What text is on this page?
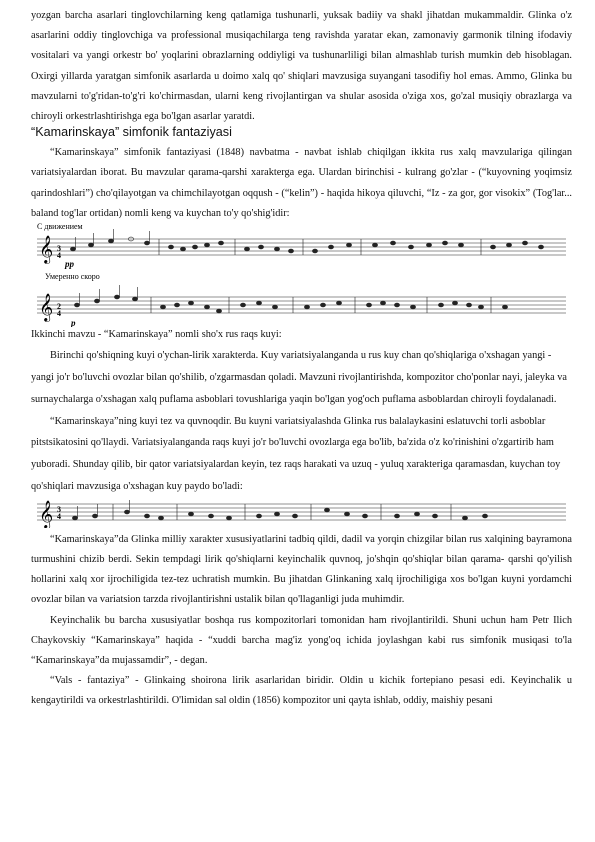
yozgan barcha asarlari tinglovchilarning keng qatlamiga tushunarli, yuksak badiiy va shakl jihatdan mukammaldir. Glinka o'z asarlarini oddiy tinglovchiga va professional musiqachilarga teng ravishda yaratar ekan, zamonaviy garmonik tilning ifodaviy vositalari va yangi orkestr bo' yoqlarini obrazlarning oddiyligi va tushunarliligi bilan almashlab turish mumkin deb hisoblagan. Oxirgi yillarda yaratgan simfonik asarlarda u doimo xalq qo' shiqlari mavzusiga suyangani tasodifiy hol emas. Ammo, Glinka bu mavzularni to'g'ridan-to'g'ri ko'chirmasdan, ularni keng rivojlantirgan va shular asosida o'ziga xos, go'zal musiqiy obrazlarga va chiroyli orkestrlashtirishga ega bo'lgan asarlar yaratdi.

“Kamarinskaya” simfonik fantaziyasi

“Kamarinskaya” simfonik fantaziyasi (1848) navbatma - navbat ishlab chiqilgan ikkita rus xalq mavzulariga qilingan variatsiyalardan iborat. Bu mavzular qarama-qarshi xarakterga ega. Ulardan birinchisi - kulrang go'zlar - (“kuyovning yoqimsiz qarindoshlari”) cho'qilayotgan va chimchilayotgan oqqush - (“kelin”) - haqida hikoya qiluvchi, “Iz - za gor, gor visokix” (Tog'lar... baland tog'lar ortidan) nomli keng va kuychan to'y qo'shig'idir:

С движением
𝄞 3
4
pp
Умеренно скоро
𝄞 2
4
p

Ikkinchi mavzu - “Kamarinskaya” nomli sho'x rus raqs kuyi:

Birinchi qo'shiqning kuyi o'ychan-lirik xarakterda. Kuy variatsiyalanganda u rus kuy chan qo'shiqlariga o'xshagan yangi - yangi jo'r bo'luvchi ovozlar bilan qo'shilib, o'zgarmasdan qoladi. Mavzuni rivojlantirishda, kompozitor cho'ponlar nayi, jaleyka va surnaychalarga o'xshagan xalq puflama asboblari tovushlariga yaqin bo'lgan yog'och puflama asboblardan chiroyli foydalanadi.

“Kamarinskaya”ning kuyi tez va quvnoqdir. Bu kuyni variatsiyalashda Glinka rus balalaykasini eslatuvchi torli asboblar pitstsikatosini qo'llaydi. Variatsiyalanganda raqs kuyi jo'r bo'luvchi ovozlarga ega bo'lib, ba'zida o'z ko'rinishini o'zgartirib ham yuboradi. Shunday qilib, bir qator variatsiyalardan keyin, tez raqs harakati va uzuq - yuluq xarakteriga qaramasdan, kuychan toy qo'shiqlari mavzusiga o'xshagan kuy paydo bo'ladi:

𝄞 3
4

“Kamarinskaya”da Glinka milliy xarakter xususiyatlarini tadbiq qildi, dadil va yorqin chizgilar bilan rus xalqining bayramona turmushini chizib berdi. Sekin tempdagi lirik qo'shiqlarni keyinchalik quvnoq, jo'shqin qo'shiqlar bilan qarama- qarshi qo'yilish hollarini xalq xor ijrochiligida tez-tez uchratish mumkin. Bu jihatdan Glinkaning xalq ijrochiligiga xos bo'lgan kuyni yordamchi ovozlar bilan va variatsion tarzda rivojlantirishni ustalik bilan qo'llaganligi juda muhimdir.

Keyinchalik bu barcha xususiyatlar boshqa rus kompozitorlari tomonidan ham rivojlantirildi. Shuni uchun ham Petr Ilich Chaykovskiy “Kamarinskaya” haqida - “xuddi barcha mag'iz yong'oq ichida joylashgan kabi rus simfonik musiqasi to'la “Kamarinskaya”da mujassamdir”, - degan.

“Vals - fantaziya” - Glinkaing shoirona lirik asarlaridan biridir. Oldin u kichik fortepiano pesasi edi. Keyinchalik u kengaytirildi va orkestrlashtirildi. O'limidan sal oldin (1856) kompozitor uni qayta ishlab, oddiy, maishiy pesani
